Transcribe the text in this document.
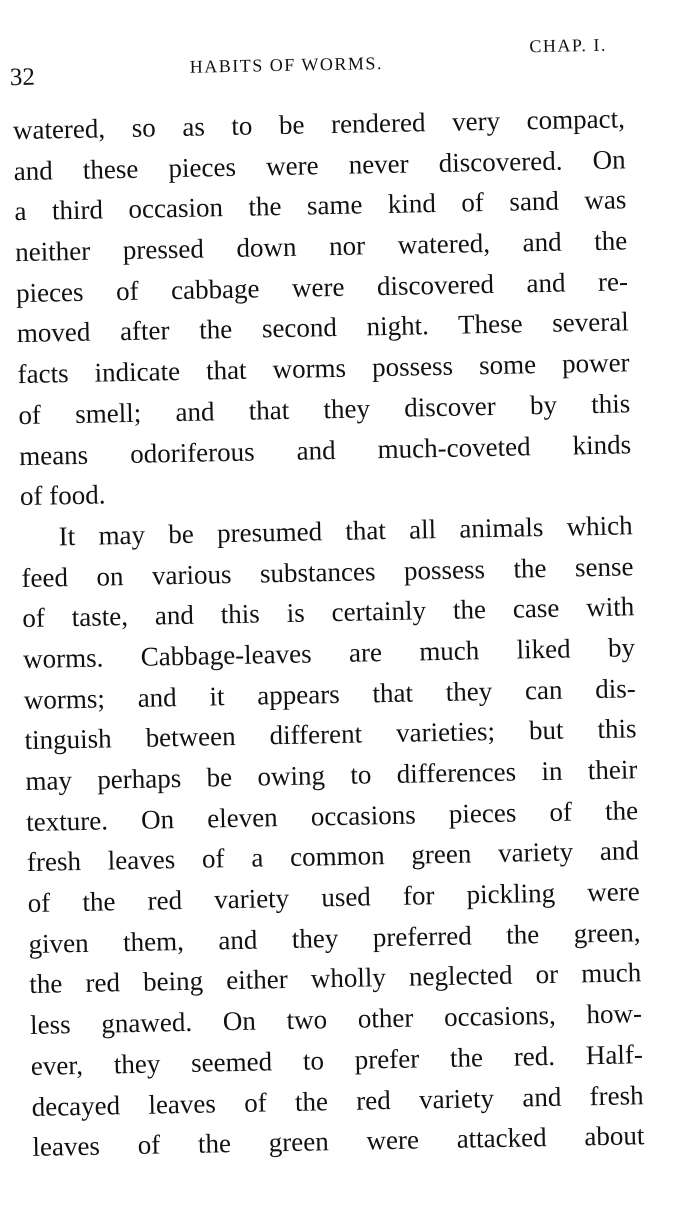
32	HABITS OF WORMS.
CHAP. I.
watered, so as to be rendered very compact,
and these pieces were never discovered. On
a third occasion the same kind of sand was
neither pressed down nor watered, and the
pieces of cabbage were discovered and re-
moved after the second night. These several
facts indicate that worms possess some power
of smell; and that they discover by this
means odoriferous and much-coveted kinds
of food.
It may be presumed that all animals which
feed on various substances possess the sense
of taste, and this is certainly the case with
worms. Cabbage-leaves are much liked by
worms; and it appears that they can dis-
tinguish between different varieties; but this
may perhaps be owing to differences in their
texture. On eleven occasions pieces of the
fresh leaves of a common green variety and
of the red variety used for pickling were
given them, and they preferred the green,
the red being either wholly neglected or much
less gnawed. On two other occasions, how-
ever, they seemed to prefer the red. Half-
decayed leaves of the red variety and fresh
leaves of the green were attacked about
